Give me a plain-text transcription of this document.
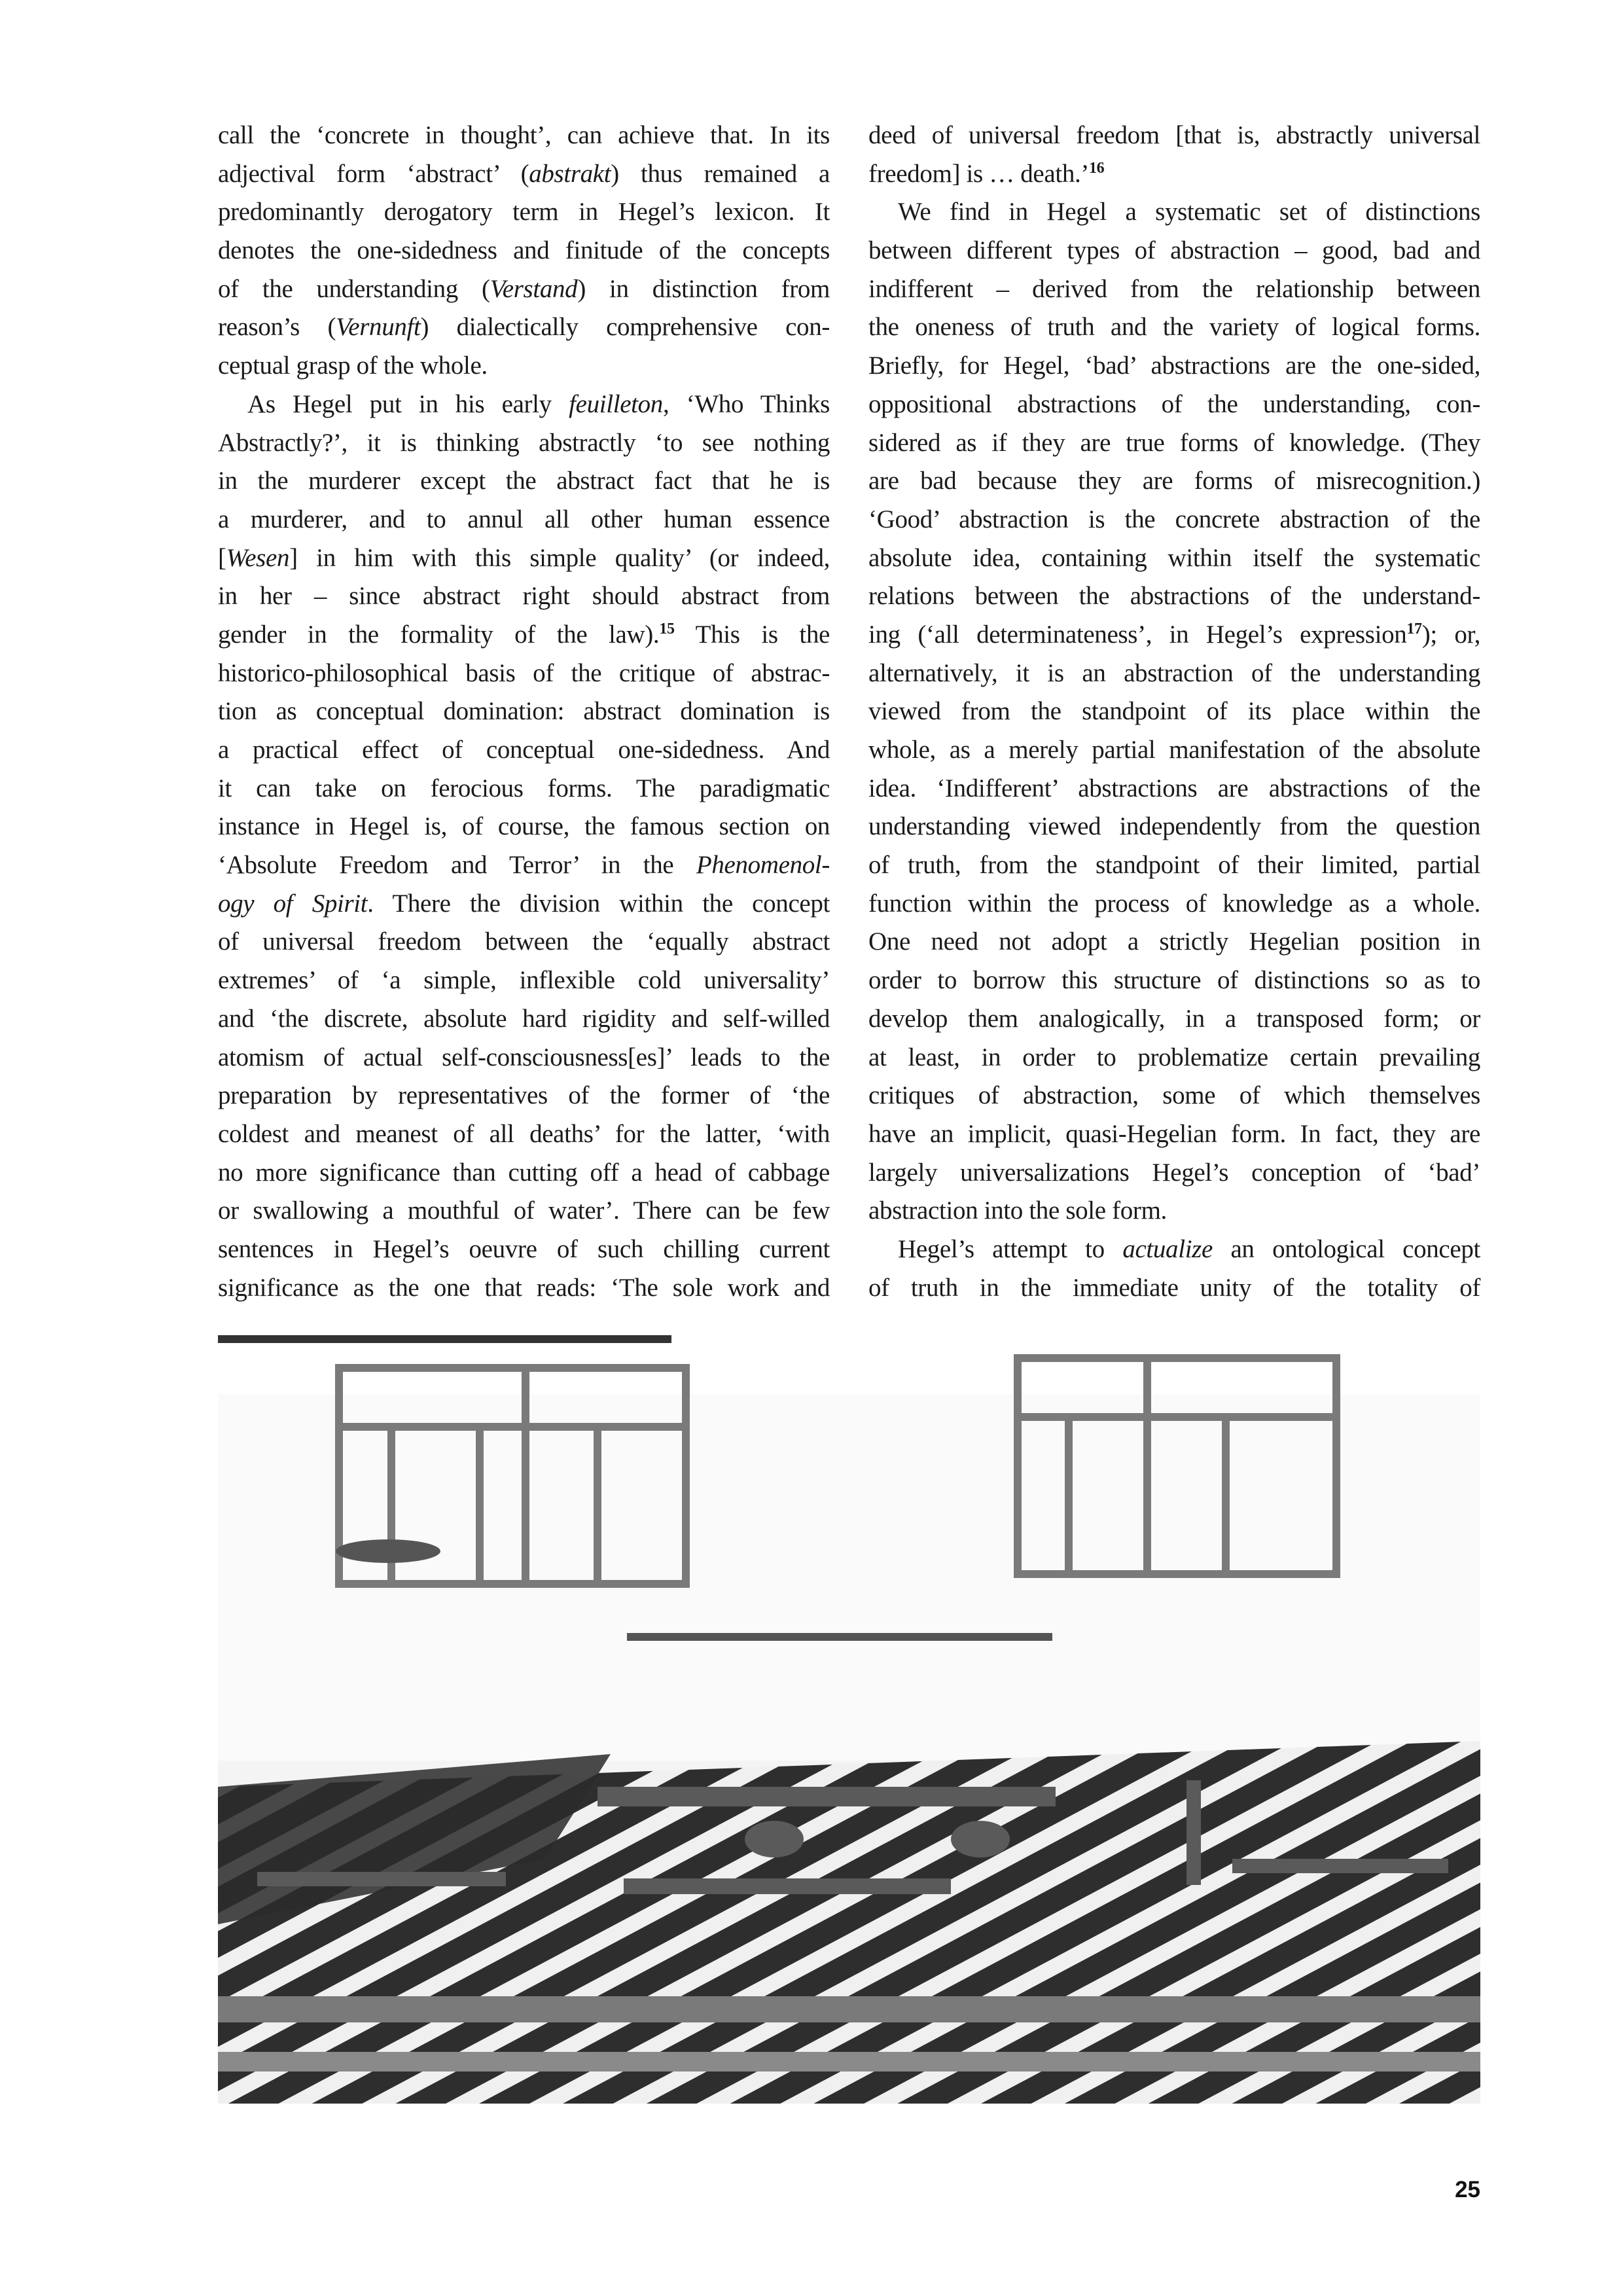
call the ‘concrete in thought’, can achieve that. In its
adjectival form ‘abstract’ (abstrakt) thus remained a
predominantly derogatory term in Hegel’s lexicon. It
denotes the one-sidedness and finitude of the concepts
of the understanding (Verstand) in distinction from
reason’s (Vernunft) dialectically comprehensive con-
ceptual grasp of the whole.
As Hegel put in his early feuilleton, ‘Who Thinks
Abstractly?’, it is thinking abstractly ‘to see nothing
in the murderer except the abstract fact that he is
a murderer, and to annul all other human essence
[Wesen] in him with this simple quality’ (or indeed,
in her – since abstract right should abstract from
gender in the formality of the law).$^{15}$ This is the
historico-philosophical basis of the critique of abstrac-
tion as conceptual domination: abstract domination is
a practical effect of conceptual one-sidedness. And
it can take on ferocious forms. The paradigmatic
instance in Hegel is, of course, the famous section on
‘Absolute Freedom and Terror’ in the Phenomenol-
ogy of Spirit. There the division within the concept
of universal freedom between the ‘equally abstract
extremes’ of ‘a simple, inflexible cold universality’
and ‘the discrete, absolute hard rigidity and self-willed
atomism of actual self-consciousness[es]’ leads to the
preparation by representatives of the former of ‘the
coldest and meanest of all deaths’ for the latter, ‘with
no more significance than cutting off a head of cabbage
or swallowing a mouthful of water’. There can be few
sentences in Hegel’s oeuvre of such chilling current
significance as the one that reads: ‘The sole work and
deed of universal freedom [that is, abstractly universal
freedom] is … death.’$^{16}$
We find in Hegel a systematic set of distinctions
between different types of abstraction – good, bad and
indifferent – derived from the relationship between
the oneness of truth and the variety of logical forms.
Briefly, for Hegel, ‘bad’ abstractions are the one-sided,
oppositional abstractions of the understanding, con-
sidered as if they are true forms of knowledge. (They
are bad because they are forms of misrecognition.)
‘Good’ abstraction is the concrete abstraction of the
absolute idea, containing within itself the systematic
relations between the abstractions of the understand-
ing (‘all determinateness’, in Hegel’s expression$^{17}$); or,
alternatively, it is an abstraction of the understanding
viewed from the standpoint of its place within the
whole, as a merely partial manifestation of the absolute
idea. ‘Indifferent’ abstractions are abstractions of the
understanding viewed independently from the question
of truth, from the standpoint of their limited, partial
function within the process of knowledge as a whole.
One need not adopt a strictly Hegelian position in
order to borrow this structure of distinctions so as to
develop them analogically, in a transposed form; or
at least, in order to problematize certain prevailing
critiques of abstraction, some of which themselves
have an implicit, quasi-Hegelian form. In fact, they are
largely universalizations Hegel’s conception of ‘bad’
abstraction into the sole form.
Hegel’s attempt to actualize an ontological concept
of truth in the immediate unity of the totality of
25
